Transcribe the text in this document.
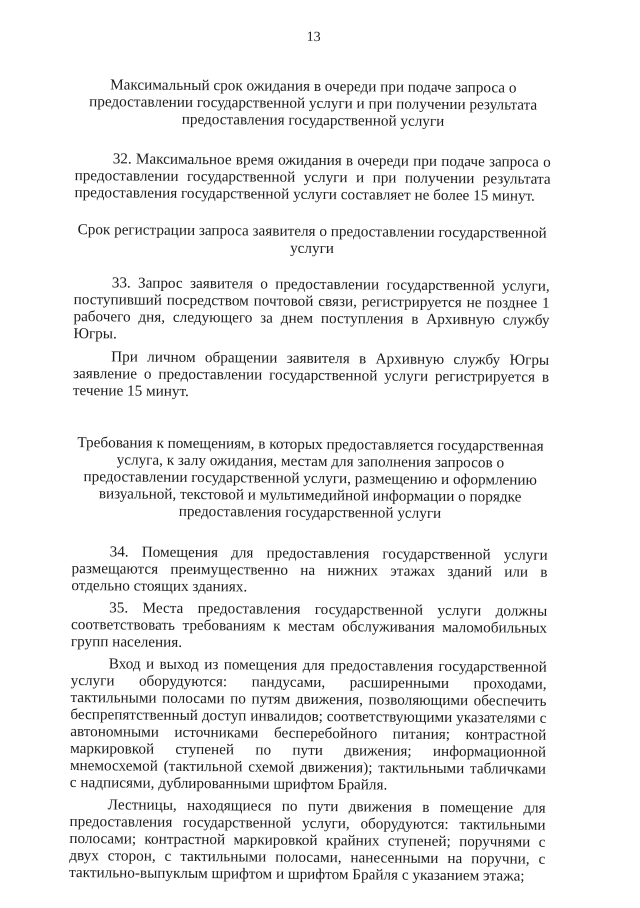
13

Максимальный срок ожидания в очереди при подаче запроса о предоставлении государственной услуги и при получении результата предоставления государственной услуги

32. Максимальное время ожидания в очереди при подаче запроса о предоставлении государственной услуги и при получении результата предоставления государственной услуги составляет не более 15 минут.

Срок регистрации запроса заявителя о предоставлении государственной услуги

33. Запрос заявителя о предоставлении государственной услуги, поступивший посредством почтовой связи, регистрируется не позднее 1 рабочего дня, следующего за днем поступления в Архивную службу Югры.

При личном обращении заявителя в Архивную службу Югры заявление о предоставлении государственной услуги регистрируется в течение 15 минут.

Требования к помещениям, в которых предоставляется государственная услуга, к залу ожидания, местам для заполнения запросов о предоставлении государственной услуги, размещению и оформлению визуальной, текстовой и мультимедийной информации о порядке предоставления государственной услуги

34. Помещения для предоставления государственной услуги размещаются преимущественно на нижних этажах зданий или в отдельно стоящих зданиях.

35. Места предоставления государственной услуги должны соответствовать требованиям к местам обслуживания маломобильных групп населения.

Вход и выход из помещения для предоставления государственной услуги оборудуются: пандусами, расширенными проходами, тактильными полосами по путям движения, позволяющими обеспечить беспрепятственный доступ инвалидов; соответствующими указателями с автономными источниками бесперебойного питания; контрастной маркировкой ступеней по пути движения; информационной мнемосхемой (тактильной схемой движения); тактильными табличками с надписями, дублированными шрифтом Брайля.

Лестницы, находящиеся по пути движения в помещение для предоставления государственной услуги, оборудуются: тактильными полосами; контрастной маркировкой крайних ступеней; поручнями с двух сторон, с тактильными полосами, нанесенными на поручни, с тактильно-выпуклым шрифтом и шрифтом Брайля с указанием этажа;
